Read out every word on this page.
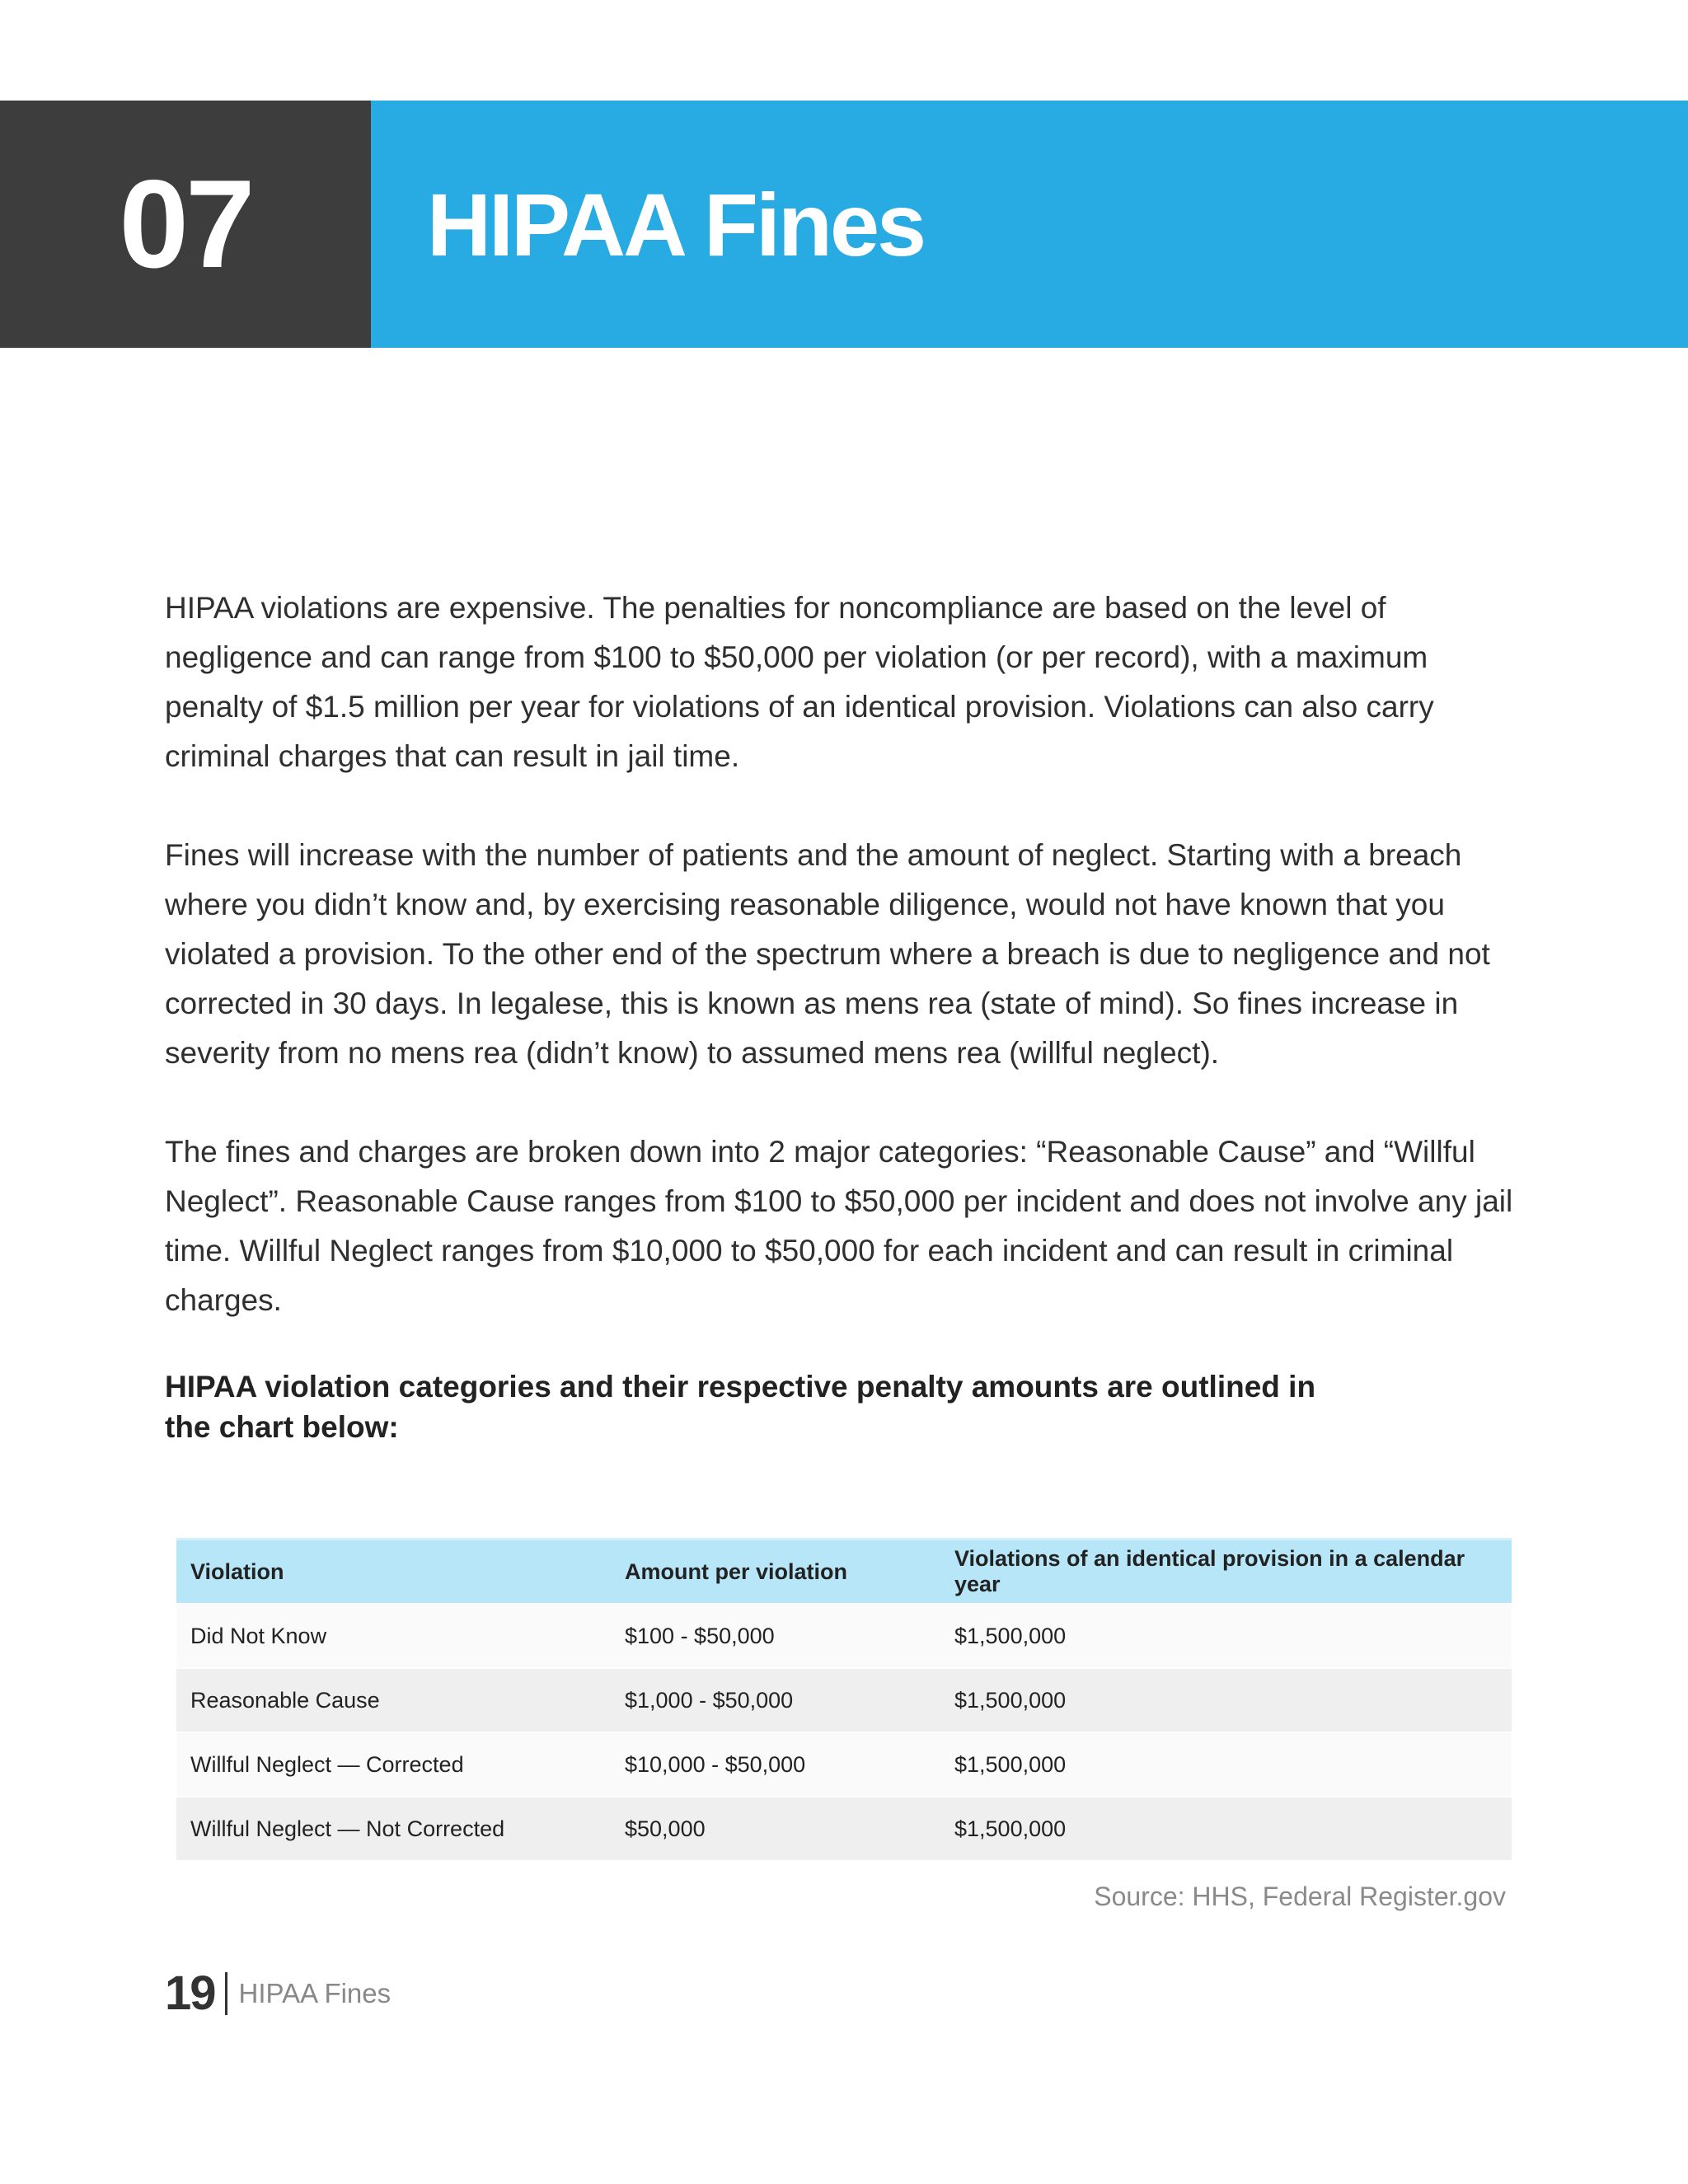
07	HIPAA Fines

HIPAA violations are expensive. The penalties for noncompliance are based on the level of negligence and can range from $100 to $50,000 per violation (or per record), with a maximum penalty of $1.5 million per year for violations of an identical provision. Violations can also carry criminal charges that can result in jail time.

Fines will increase with the number of patients and the amount of neglect. Starting with a breach where you didn’t know and, by exercising reasonable diligence, would not have known that you violated a provision. To the other end of the spectrum where a breach is due to negligence and not corrected in 30 days. In legalese, this is known as mens rea (state of mind). So fines increase in severity from no mens rea (didn’t know) to assumed mens rea (willful neglect).

The fines and charges are broken down into 2 major categories: “Reasonable Cause” and “Willful Neglect”. Reasonable Cause ranges from $100 to $50,000 per incident and does not involve any jail time. Willful Neglect ranges from $10,000 to $50,000 for each incident and can result in criminal charges.

HIPAA violation categories and their respective penalty amounts are outlined in the chart below:

Violation	Amount per violation	Violations of an identical provision in a calendar year
Did Not Know	$100 - $50,000	$1,500,000
Reasonable Cause	$1,000 - $50,000	$1,500,000
Willful Neglect — Corrected	$10,000 - $50,000	$1,500,000
Willful Neglect — Not Corrected	$50,000	$1,500,000
Source: HHS, Federal Register.gov
19 HIPAA Fines
